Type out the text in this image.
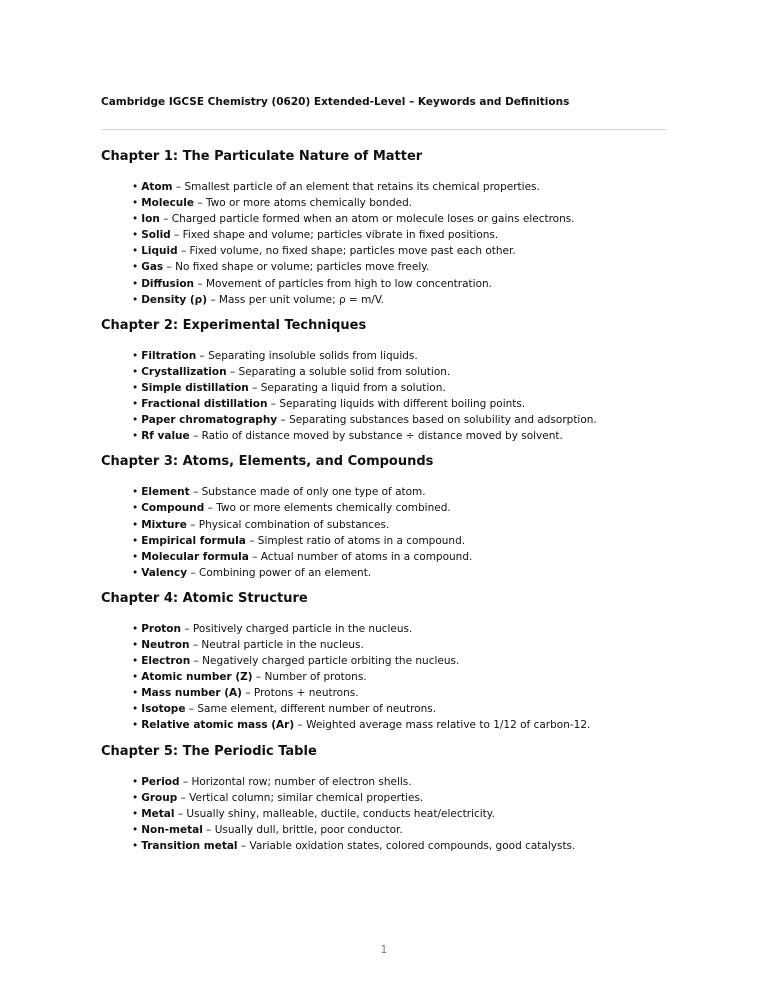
Cambridge IGCSE Chemistry (0620) Extended-Level – Keywords and Definitions
Chapter 1: The Particulate Nature of Matter
• Atom – Smallest particle of an element that retains its chemical properties.
• Molecule – Two or more atoms chemically bonded.
• Ion – Charged particle formed when an atom or molecule loses or gains electrons.
• Solid – Fixed shape and volume; particles vibrate in fixed positions.
• Liquid – Fixed volume, no fixed shape; particles move past each other.
• Gas – No fixed shape or volume; particles move freely.
• Diffusion – Movement of particles from high to low concentration.
• Density (ρ) – Mass per unit volume; ρ = m/V.
Chapter 2: Experimental Techniques
• Filtration – Separating insoluble solids from liquids.
• Crystallization – Separating a soluble solid from solution.
• Simple distillation – Separating a liquid from a solution.
• Fractional distillation – Separating liquids with different boiling points.
• Paper chromatography – Separating substances based on solubility and adsorption.
• Rf value – Ratio of distance moved by substance ÷ distance moved by solvent.
Chapter 3: Atoms, Elements, and Compounds
• Element – Substance made of only one type of atom.
• Compound – Two or more elements chemically combined.
• Mixture – Physical combination of substances.
• Empirical formula – Simplest ratio of atoms in a compound.
• Molecular formula – Actual number of atoms in a compound.
• Valency – Combining power of an element.
Chapter 4: Atomic Structure
• Proton – Positively charged particle in the nucleus.
• Neutron – Neutral particle in the nucleus.
• Electron – Negatively charged particle orbiting the nucleus.
• Atomic number (Z) – Number of protons.
• Mass number (A) – Protons + neutrons.
• Isotope – Same element, different number of neutrons.
• Relative atomic mass (Ar) – Weighted average mass relative to 1/12 of carbon-12.
Chapter 5: The Periodic Table
• Period – Horizontal row; number of electron shells.
• Group – Vertical column; similar chemical properties.
• Metal – Usually shiny, malleable, ductile, conducts heat/electricity.
• Non-metal – Usually dull, brittle, poor conductor.
• Transition metal – Variable oxidation states, colored compounds, good catalysts.
1
